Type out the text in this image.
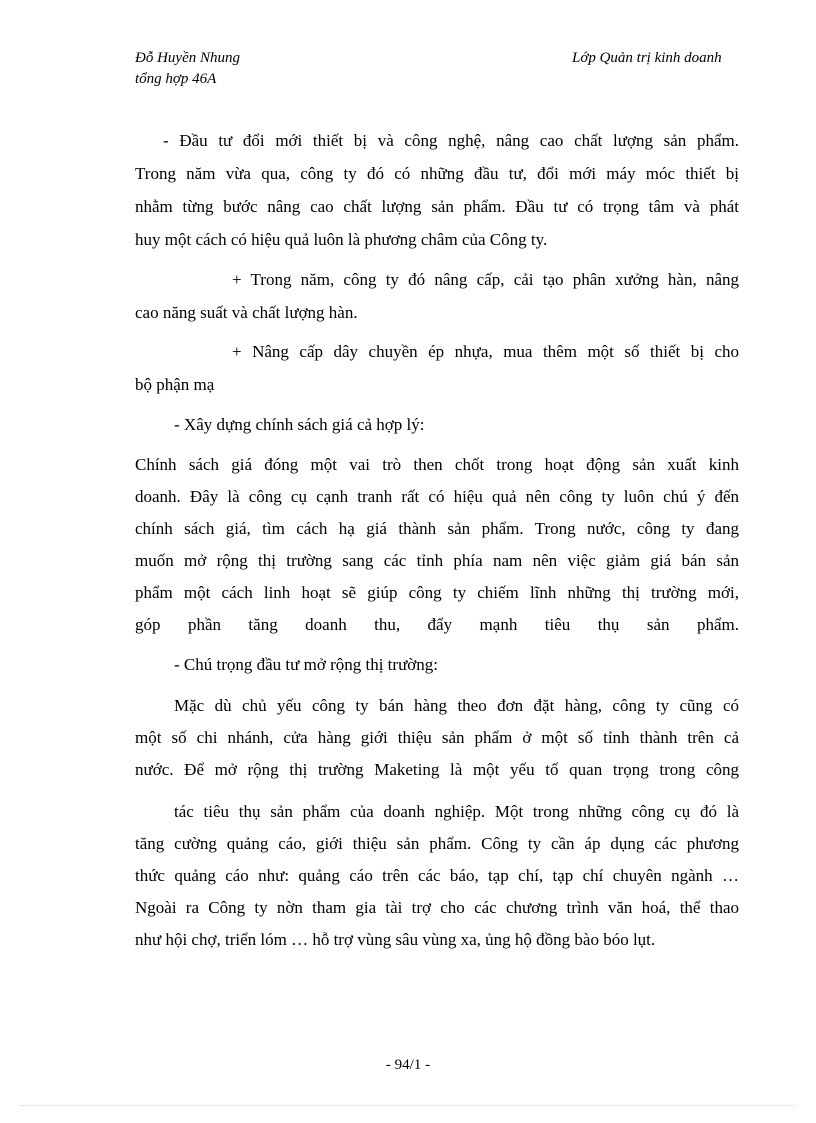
Đỗ Huyền Nhung
tổng hợp 46A
Lớp Quản trị kinh doanh
- Đầu tư đổi mới thiết bị và công nghệ, nâng cao chất lượng sản phẩm.
Trong năm vừa qua, công ty đó có những đầu tư, đổi mới máy móc thiết bị
nhằm từng bước nâng cao chất lượng sản phẩm. Đầu tư có trọng tâm và phát
huy một cách có hiệu quả luôn là phương châm của Công ty.
+ Trong năm, công ty đó nâng cấp, cải tạo phân xưởng hàn, nâng
cao năng suất và chất lượng hàn.
+ Nâng cấp dây chuyền ép nhựa, mua thêm một số thiết bị cho
bộ phận mạ
- Xây dựng chính sách giá cả hợp lý:
Chính sách giá đóng một vai trò then chốt trong hoạt động sản xuất kinh
doanh. Đây là công cụ cạnh tranh rất có hiệu quả nên công ty luôn chú ý đến
chính sách giá, tìm cách hạ giá thành sản phẩm. Trong nước, công ty đang
muốn mở rộng thị trường sang các tỉnh phía nam nên việc giảm giá bán sản
phẩm một cách linh hoạt sẽ giúp công ty chiếm lĩnh những thị trường mới,
góp phần tăng doanh thu, đẩy mạnh tiêu thụ sản phẩm.
- Chú trọng đầu tư mở rộng thị trường:
Mặc dù chủ yếu công ty bán hàng theo đơn đặt hàng, công ty cũng có
một số chi nhánh, cửa hàng giới thiệu sản phẩm ở một số tỉnh thành trên cả
nước. Để mở rộng thị trường Maketing là một yếu tố quan trọng trong công
tác tiêu thụ sản phẩm của doanh nghiệp. Một trong những công cụ đó là
tăng cường quảng cáo, giới thiệu sản phẩm. Công ty cần áp dụng các phương
thức quảng cáo như: quảng cáo trên các báo, tạp chí, tạp chí chuyên ngành …
Ngoài ra Công ty nờn tham gia tài trợ cho các chương trình văn hoá, thể thao
như hội chợ, triển lóm … hỗ trợ vùng sâu vùng xa, ủng hộ đồng bào bóo lụt.
- 94/1 -
